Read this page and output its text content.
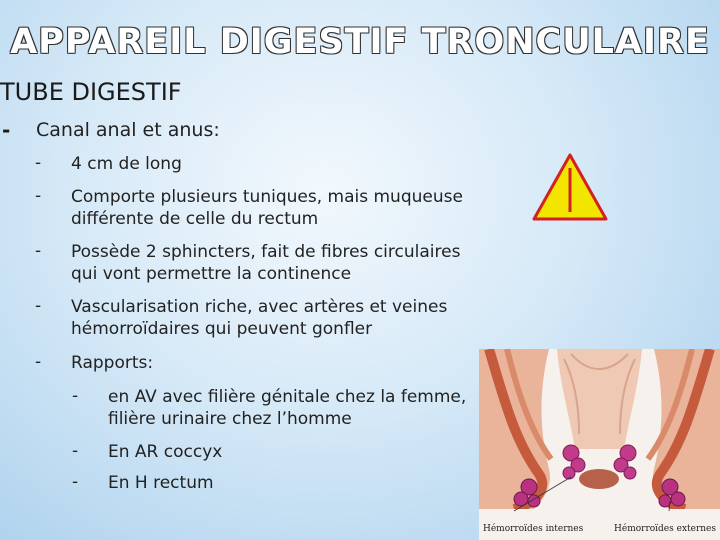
APPAREIL DIGESTIF TRONCULAIRE
TUBE DIGESTIF
- Canal anal et anus:
- 4 cm de long
- Comporte plusieurs tuniques, mais muqueuse
différente de celle du rectum
- Possède 2 sphincters, fait de fibres circulaires
qui vont permettre la continence
- Vascularisation riche, avec artères et veines
hémorroïdaires qui peuvent gonfler
- Rapports:
- en AV avec filière génitale chez la femme,
filière urinaire chez l’homme
- En AR coccyx
- En H rectum
Hémorroïdes internes	Hémorroïdes externes
